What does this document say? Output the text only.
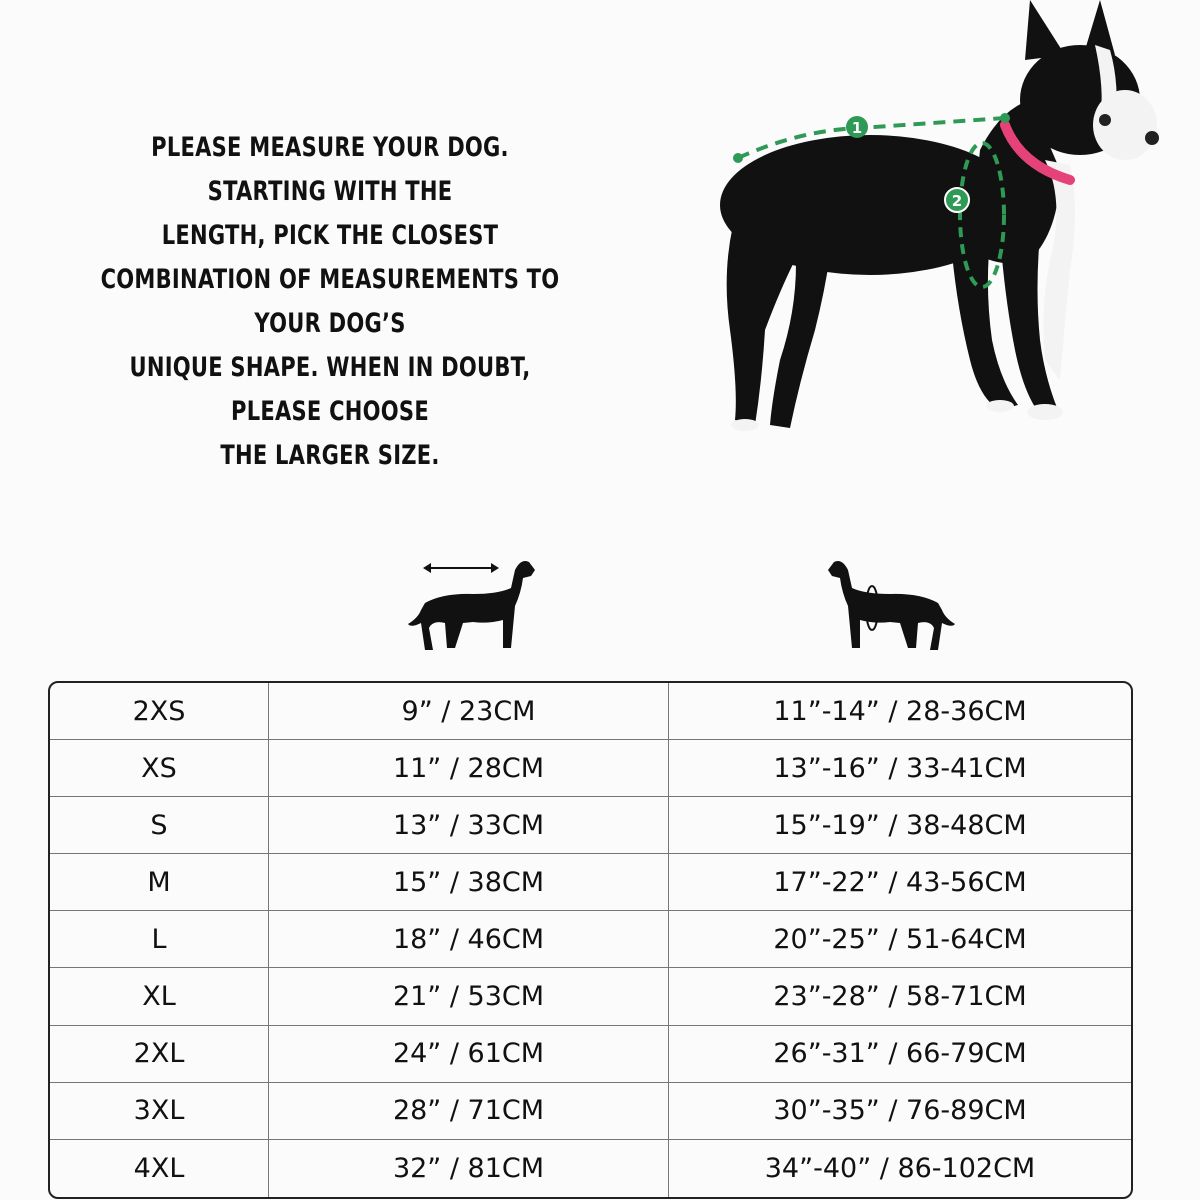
PLEASE MEASURE YOUR DOG. STARTING WITH THE
LENGTH, PICK THE CLOSEST
COMBINATION OF MEASUREMENTS TO YOUR DOG’S
UNIQUE SHAPE. WHEN IN DOUBT, PLEASE CHOOSE
THE LARGER SIZE.
1
2
2XS	9” / 23CM	11”-14” / 28-36CM
XS	11” / 28CM	13”-16” / 33-41CM
S	13” / 33CM	15”-19” / 38-48CM
M	15” / 38CM	17”-22” / 43-56CM
L	18” / 46CM	20”-25” / 51-64CM
XL	21” / 53CM	23”-28” / 58-71CM
2XL	24” / 61CM	26”-31” / 66-79CM
3XL	28” / 71CM	30”-35” / 76-89CM
4XL	32” / 81CM	34”-40” / 86-102CM
